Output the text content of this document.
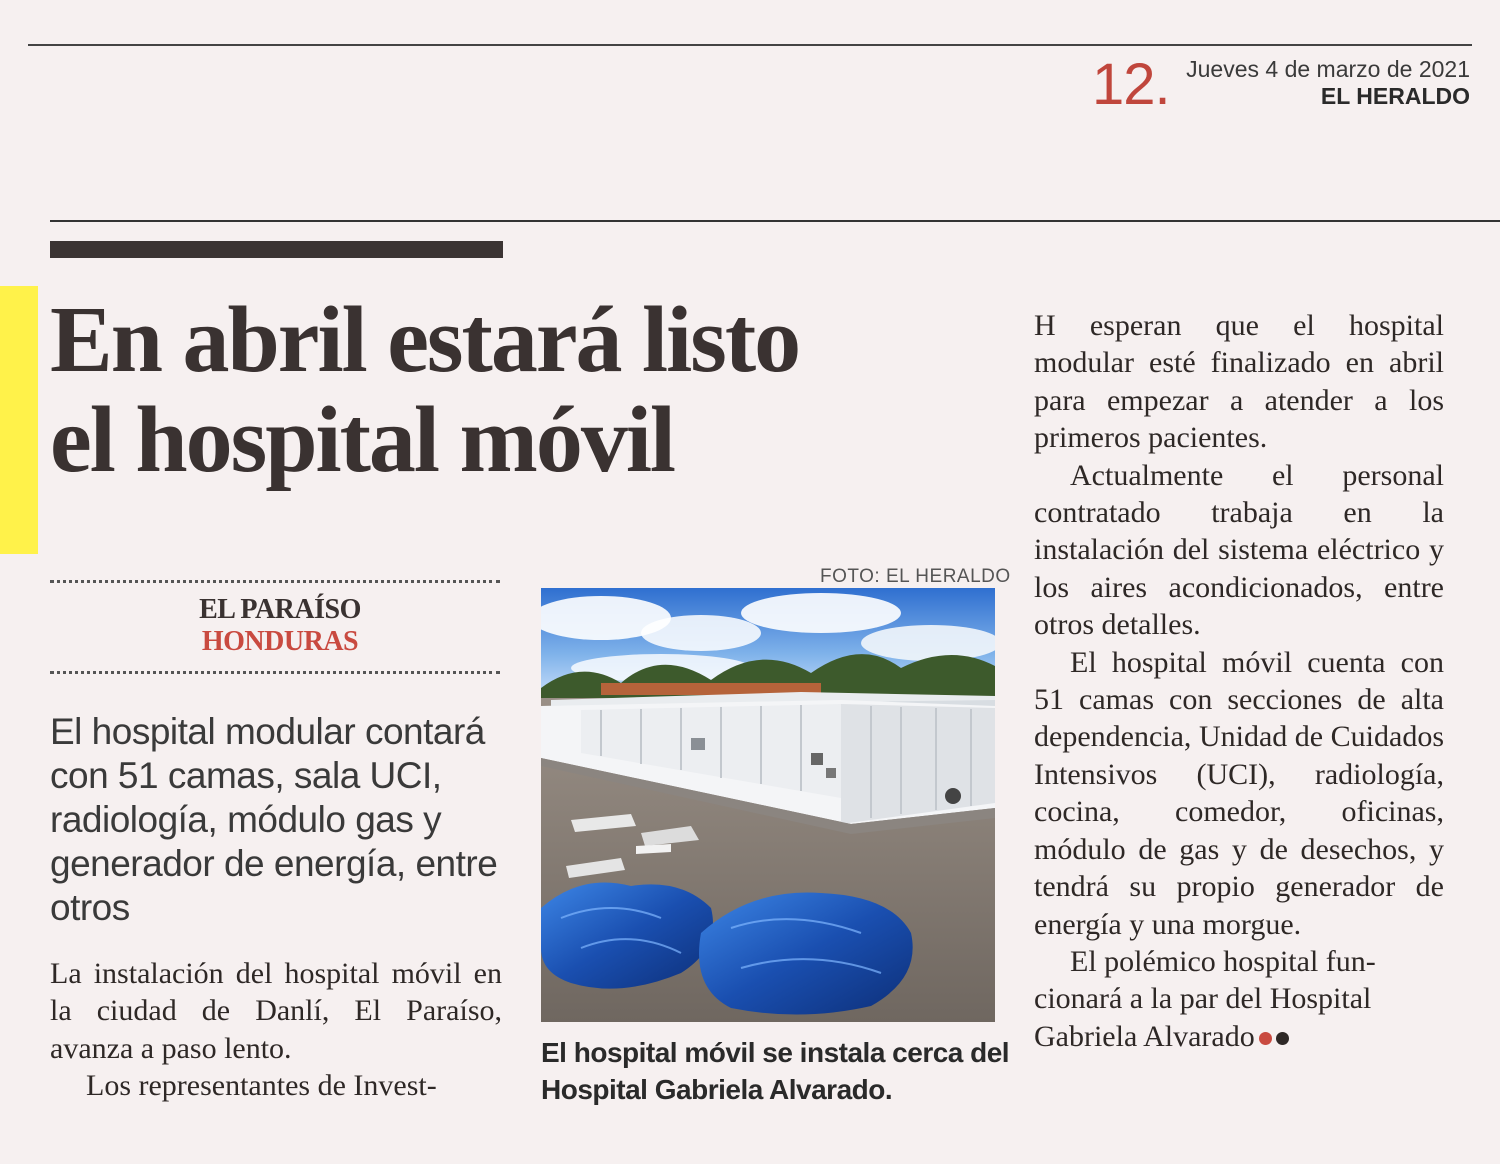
12. Jueves 4 de marzo de 2021
EL HERALDO
En abril estará listo
el hospital móvil
EL PARAÍSO
HONDURAS

El hospital modular contará con 51 camas, sala UCI, radiología, módulo gas y generador de energía, entre otros

La instalación del hospital móvil en la ciudad de Danlí, El Paraíso, avanza a paso lento.

Los representantes de Invest-

FOTO: EL HERALDO

El hospital móvil se instala cerca del Hospital Gabriela Alvarado.

H esperan que el hospital modular esté finalizado en abril para empezar a atender a los primeros pacientes.

Actualmente el personal contratado trabaja en la instalación del sistema eléctrico y los aires acondicionados, entre otros detalles.

El hospital móvil cuenta con 51 camas con secciones de alta dependencia, Unidad de Cuidados Intensivos (UCI), radiología, cocina, comedor, oficinas, módulo de gas y de desechos, y tendrá su propio generador de energía y una morgue.

El polémico hospital funcionará a la par del Hospital Gabriela Alvarado
